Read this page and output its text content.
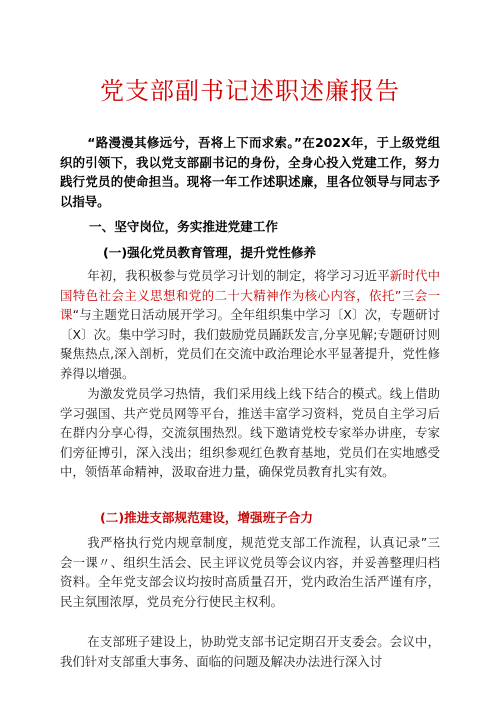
党支部副书记述职述廉报告
“路漫漫其修远兮，吾将上下而求索。”在202X年，于上级党组织的引领下，我以党支部副书记的身份，全身心投入党建工作，努力践行党员的使命担当。现将一年工作述职述廉，里各位领导与同志予以指导。
一、坚守岗位，务实推进党建工作
(一)强化党员教育管理，提升党性修养
年初，我积极参与党员学习计划的制定，将学习习近平新时代中国特色社会主义思想和党的二十大精神作为核心内容，依托”三会一课“与主题党日活动展开学习。全年组织集中学习〔X〕次，专题研讨〔X〕次。集中学习时，我们鼓励党员踊跃发言,分享见解;专题研讨则聚焦热点,深入剖析，党员们在交流中政治理论水平显著提升，党性修养得以增强。
为激发党员学习热情，我们采用线上线下结合的模式。线上借助学习强国、共产党员网等平台，推送丰富学习资料，党员自主学习后在群内分享心得，交流氛围热烈。线下邀请党校专家举办讲座，专家们旁征博引，深入浅出；组织参观红色教育基地，党员们在实地感受中，领悟革命精神，汲取奋进力量，确保党员教育扎实有效。
(二)推进支部规范建设，增强班子合力
我严格执行党内规章制度，规范党支部工作流程，认真记录”三会一课〃、组织生活会、民主评议党员等会议内容，并妥善整理归档资料。全年党支部会议均按时高质量召开，党内政治生活严谨有序，民主氛围浓厚，党员充分行使民主权利。
在支部班子建设上，协助党支部书记定期召开支委会。会议中，我们针对支部重大事务、面临的问题及解决办法进行深入讨
